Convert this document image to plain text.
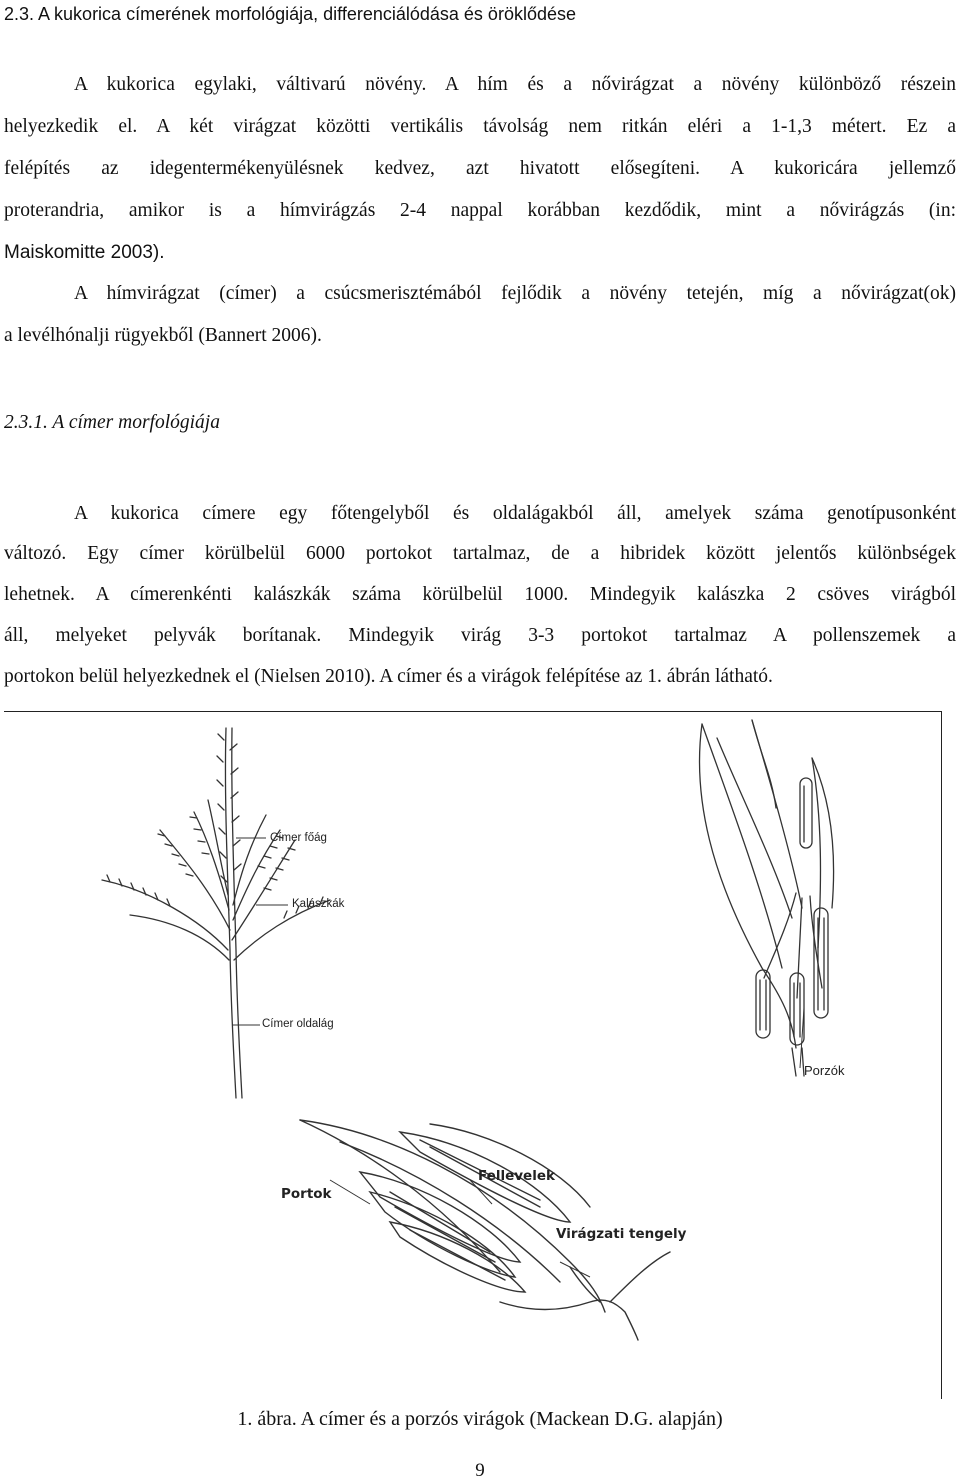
2.3. A kukorica címerének morfológiája, differenciálódása és öröklődése
A kukorica egylaki, váltivarú növény. A hím és a nővirágzat a növény különböző részein
helyezkedik el. A két virágzat közötti vertikális távolság nem ritkán eléri a 1-1,3 métert. Ez a
felépítés az idegentermékenyülésnek kedvez, azt hivatott elősegíteni. A kukoricára jellemző
proterandria, amikor is a hímvirágzás 2-4 nappal korábban kezdődik, mint a nővirágzás (in:
Maiskomitte 2003).
A hímvirágzat (címer) a csúcsmerisztémából fejlődik a növény tetején, míg a nővirágzat(ok)
a levélhónalji rügyekből (Bannert 2006).
2.3.1. A címer morfológiája
A kukorica címere egy főtengelyből és oldalágakból áll, amelyek száma genotípusonként
változó. Egy címer körülbelül 6000 portokot tartalmaz, de a hibridek között jelentős különbségek
lehetnek. A címerenkénti kalászkák száma körülbelül 1000. Mindegyik kalászka 2 csöves virágból
áll, melyeket pelyvák borítanak. Mindegyik virág 3-3 portokot tartalmaz A pollenszemek a
portokon belül helyezkednek el (Nielsen 2010). A címer és a virágok felépítése az 1. ábrán látható.
Címer főág
Kalászkák
Címer oldalág
Porzók
Portok
Fellevelek
Virágzati tengely
1. ábra. A címer és a porzós virágok (Mackean D.G. alapján)
9
